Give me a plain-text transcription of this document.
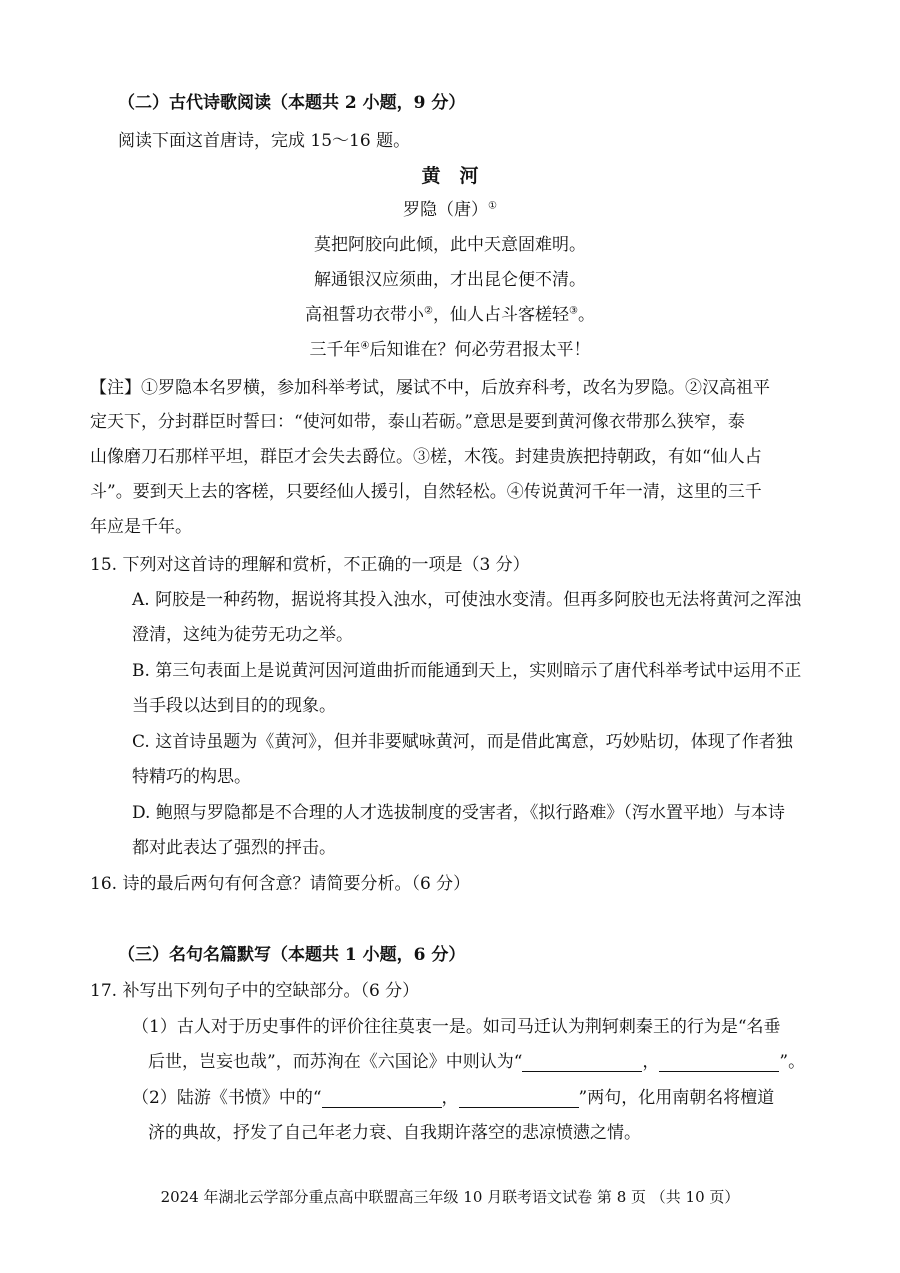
（二）古代诗歌阅读（本题共 2 小题，9 分）
阅读下面这首唐诗，完成 15～16 题。
黄　河
罗隐（唐）①
莫把阿胶向此倾，此中天意固难明。
解通银汉应须曲，才出昆仑便不清。
高祖誓功衣带小②，仙人占斗客槎轻③。
三千年④后知谁在？何必劳君报太平！
【注】①罗隐本名罗横，参加科举考试，屡试不中，后放弃科考，改名为罗隐。②汉高祖平
定天下，分封群臣时誓曰：“使河如带，泰山若砺。”意思是要到黄河像衣带那么狭窄，泰
山像磨刀石那样平坦，群臣才会失去爵位。③槎，木筏。封建贵族把持朝政，有如“仙人占
斗”。要到天上去的客槎，只要经仙人援引，自然轻松。④传说黄河千年一清，这里的三千
年应是千年。
15. 下列对这首诗的理解和赏析，不正确的一项是（3 分）
A. 阿胶是一种药物，据说将其投入浊水，可使浊水变清。但再多阿胶也无法将黄河之浑浊
澄清，这纯为徒劳无功之举。
B. 第三句表面上是说黄河因河道曲折而能通到天上，实则暗示了唐代科举考试中运用不正
当手段以达到目的的现象。
C. 这首诗虽题为《黄河》，但并非要赋咏黄河，而是借此寓意，巧妙贴切，体现了作者独
特精巧的构思。
D. 鲍照与罗隐都是不合理的人才选拔制度的受害者，《拟行路难》（泻水置平地）与本诗
都对此表达了强烈的抨击。
16. 诗的最后两句有何含意？请简要分析。（6 分）
（三）名句名篇默写（本题共 1 小题，6 分）
17. 补写出下列句子中的空缺部分。（6 分）
（1）古人对于历史事件的评价往往莫衷一是。如司马迁认为荆轲刺秦王的行为是“名垂
后世，岂妄也哉”，而苏洵在《六国论》中则认为“	，	”。
（2）陆游《书愤》中的“	，	”两句，化用南朝名将檀道
济的典故，抒发了自己年老力衰、自我期许落空的悲凉愤懑之情。
2024 年湖北云学部分重点高中联盟高三年级 10 月联考语文试卷 第 8 页 （共 10 页）
